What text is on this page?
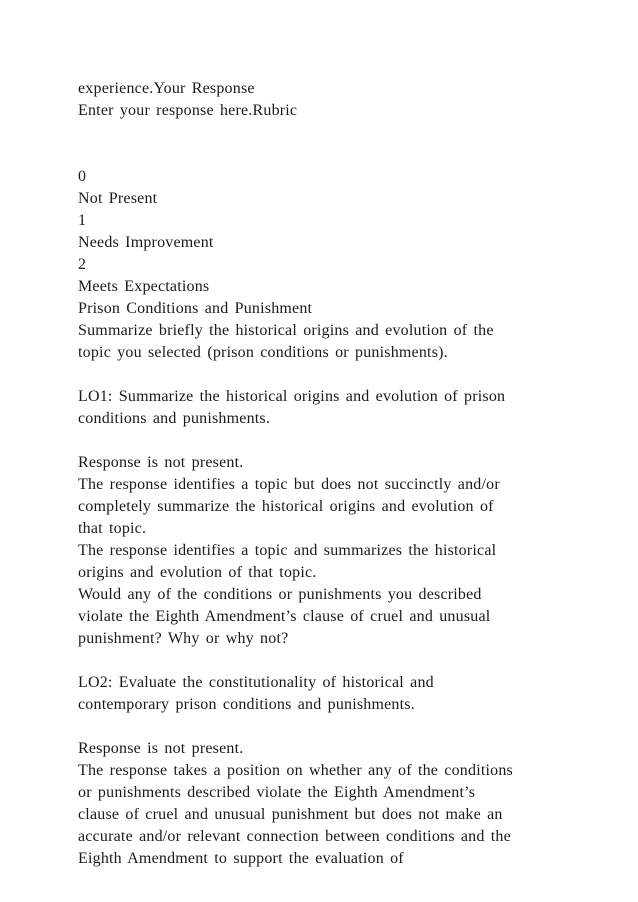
experience.Your Response

Enter your response here.Rubric

0

Not Present

1

Needs Improvement

2

Meets Expectations

Prison Conditions and Punishment

Summarize briefly the historical origins and evolution of the

topic you selected (prison conditions or punishments).

LO1: Summarize the historical origins and evolution of prison

conditions and punishments.

Response is not present.

The response identifies a topic but does not succinctly and/or

completely summarize the historical origins and evolution of

that topic.

The response identifies a topic and summarizes the historical

origins and evolution of that topic.

Would any of the conditions or punishments you described

violate the Eighth Amendment’s clause of cruel and unusual

punishment? Why or why not?

LO2: Evaluate the constitutionality of historical and

contemporary prison conditions and punishments.

Response is not present.

The response takes a position on whether any of the conditions

or punishments described violate the Eighth Amendment’s

clause of cruel and unusual punishment but does not make an

accurate and/or relevant connection between conditions and the

Eighth Amendment to support the evaluation of
